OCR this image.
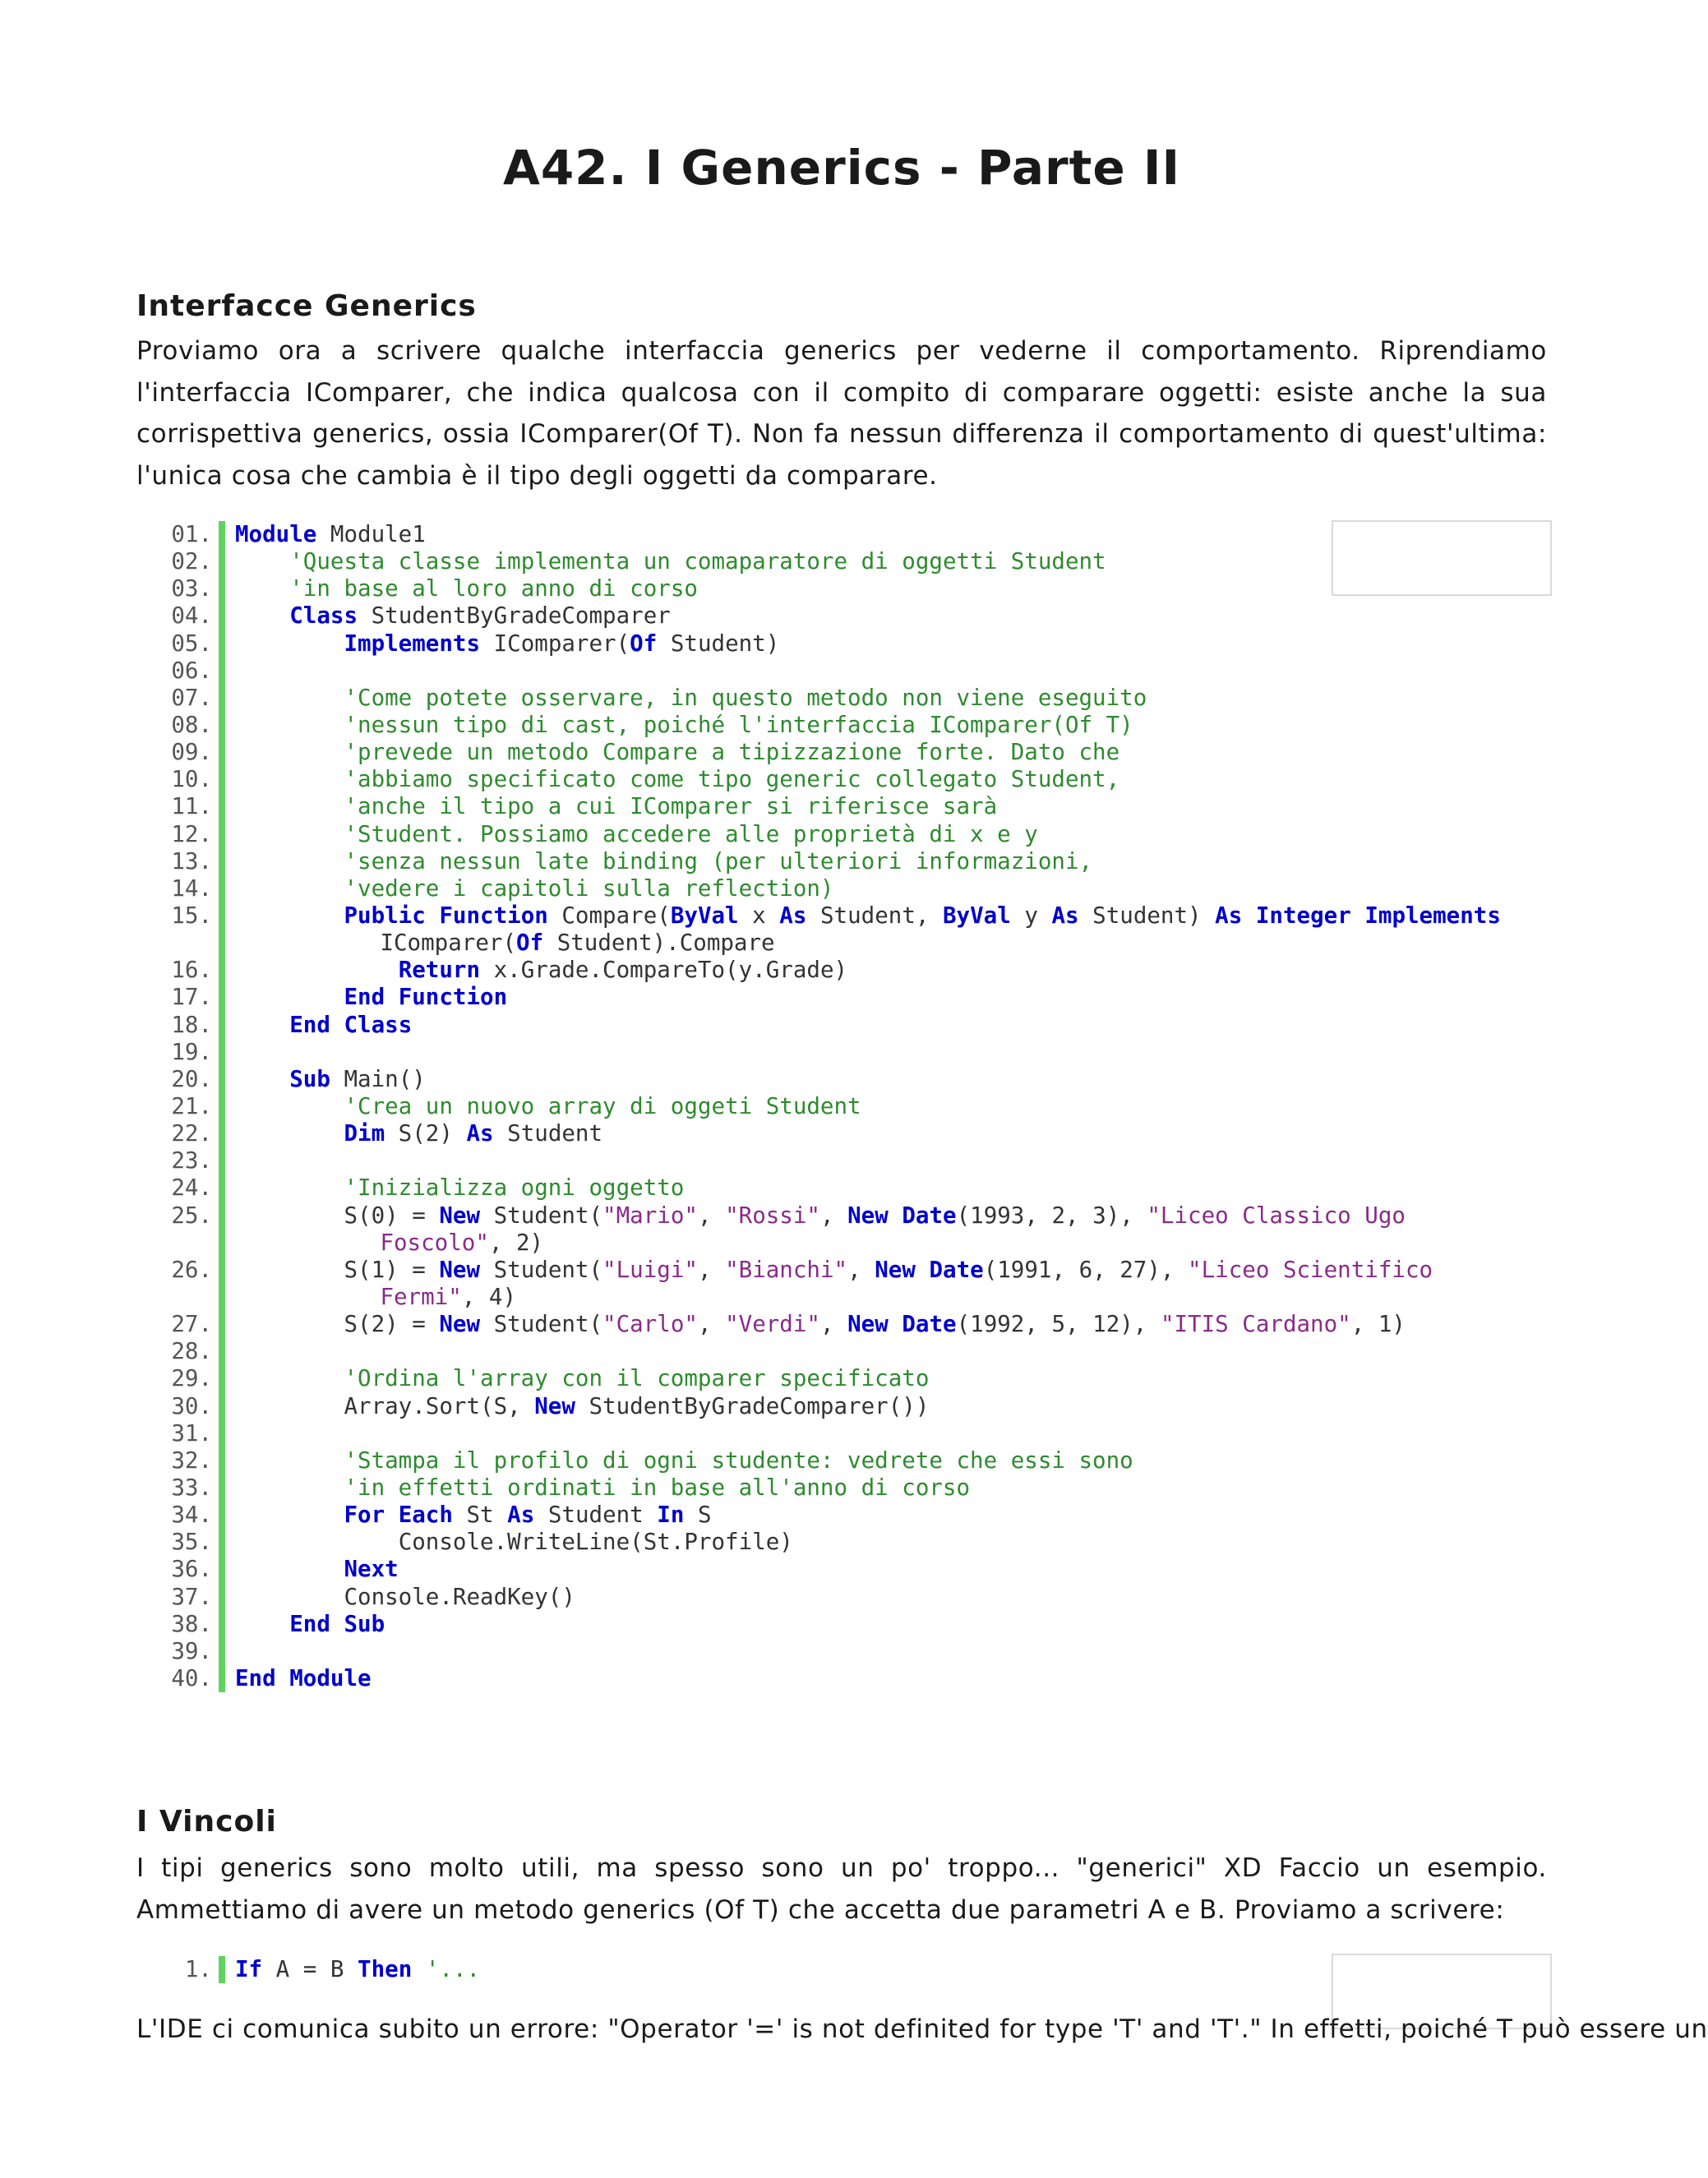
A42. I Generics - Parte II
Interfacce Generics

Proviamo ora a scrivere qualche interfaccia generics per vederne il comportamento. Riprendiamo l'interfaccia IComparer, che indica qualcosa con il compito di comparare oggetti: esiste anche la sua corrispettiva generics, ossia IComparer(Of T). Non fa nessun differenza il comportamento di quest'ultima: l'unica cosa che cambia è il tipo degli oggetti da comparare.

01. Module Module1
02.	'Questa classe implementa un comaparatore di oggetti Student
03.	'in base al loro anno di corso
04.	Class StudentByGradeComparer
05.	Implements IComparer(Of Student)
06.
07.	'Come potete osservare, in questo metodo non viene eseguito
08.	'nessun tipo di cast, poiché l'interfaccia IComparer(Of T)
09.	'prevede un metodo Compare a tipizzazione forte. Dato che
10.	'abbiamo specificato come tipo generic collegato Student,
11.	'anche il tipo a cui IComparer si riferisce sarà
12.	'Student. Possiamo accedere alle proprietà di x e y
13.	'senza nessun late binding (per ulteriori informazioni,
14.	'vedere i capitoli sulla reflection)
15.	Public Function Compare(ByVal x As Student, ByVal y As Student) As Integer Implements
IComparer(Of Student).Compare
16.	Return x.Grade.CompareTo(y.Grade)
17.	End Function
18.	End Class
19.
20.	Sub Main()
21.	'Crea un nuovo array di oggeti Student
22.	Dim S(2) As Student
23.
24.	'Inizializza ogni oggetto
25. S(0) = New Student("Mario", "Rossi", New Date(1993, 2, 3), "Liceo Classico Ugo
Foscolo", 2)
26. S(1) = New Student("Luigi", "Bianchi", New Date(1991, 6, 27), "Liceo Scientifico
Fermi", 4)
27. S(2) = New Student("Carlo", "Verdi", New Date(1992, 5, 12), "ITIS Cardano", 1)
28.
29.	'Ordina l'array con il comparer specificato
30. Array.Sort(S, New StudentByGradeComparer())
31.
32.	'Stampa il profilo di ogni studente: vedrete che essi sono
33.	'in effetti ordinati in base all'anno di corso
34.	For Each St As Student In S
35. Console.WriteLine(St.Profile)
36.	Next
37. Console.ReadKey()
38.	End Sub
39.
40. End Module
I Vincoli

I tipi generics sono molto utili, ma spesso sono un po' troppo... "generici" XD Faccio un esempio. Ammettiamo di avere un metodo generics (Of T) che accetta due parametri A e B. Proviamo a scrivere:

1. If A = B Then '...

L'IDE ci comunica subito un errore: "Operator '=' is not definited for type 'T' and 'T'." In effetti, poiché T può essere un
